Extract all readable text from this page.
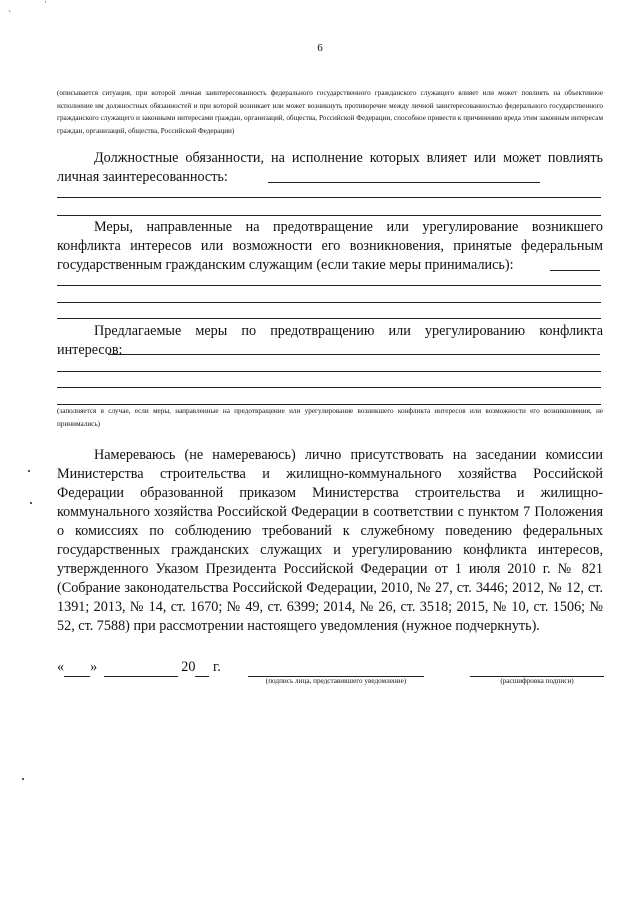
ˈ
ˋ
6
(описывается ситуация, при которой личная заинтересованность федерального государственного гражданского служащего влияет или может повлиять на объективное исполнение им должностных обязанностей и при которой возникает или может возникнуть противоречие между личной заинтересованностью федерального государственного гражданского служащего и законными интересами граждан, организаций, общества, Российской Федерации, способное привести к причинению вреда этим законным интересам граждан, организаций, общества, Российской Федерации)
Должностные обязанности, на исполнение которых влияет или может повлиять личная заинтересованность:
Меры, направленные на предотвращение или урегулирование возникшего конфликта интересов или возможности его возникновения, принятые федеральным государственным гражданским служащим (если такие меры принимались):
Предлагаемые меры по предотвращению или урегулированию конфликта интересов:
(заполняется в случае, если меры, направленные на предотвращение или урегулирование возникшего конфликта интересов или возможности его возникновения, не принимались)
Намереваюсь (не намереваюсь) лично присутствовать на заседании комиссии Министерства строительства и жилищно-коммунального хозяйства Российской Федерации образованной приказом Министерства строительства и жилищно-коммунального хозяйства Российской Федерации в соответствии с пунктом 7 Положения о комиссиях по соблюдению требований к служебному поведению федеральных государственных гражданских служащих и урегулированию конфликта интересов, утвержденного Указом Президента Российской Федерации от 1 июля 2010 г. № 821 (Собрание законодательства Российской Федерации, 2010, № 27, ст. 3446; 2012, № 12, ст. 1391; 2013, № 14, ст. 1670; № 49, ст. 6399; 2014, № 26, ст. 3518; 2015, № 10, ст. 1506; № 52, ст. 7588) при рассмотрении настоящего уведомления (нужное подчеркнуть).
« »	20 г.
(подпись лица, представившего уведомление)	(расшифровка подписи)
